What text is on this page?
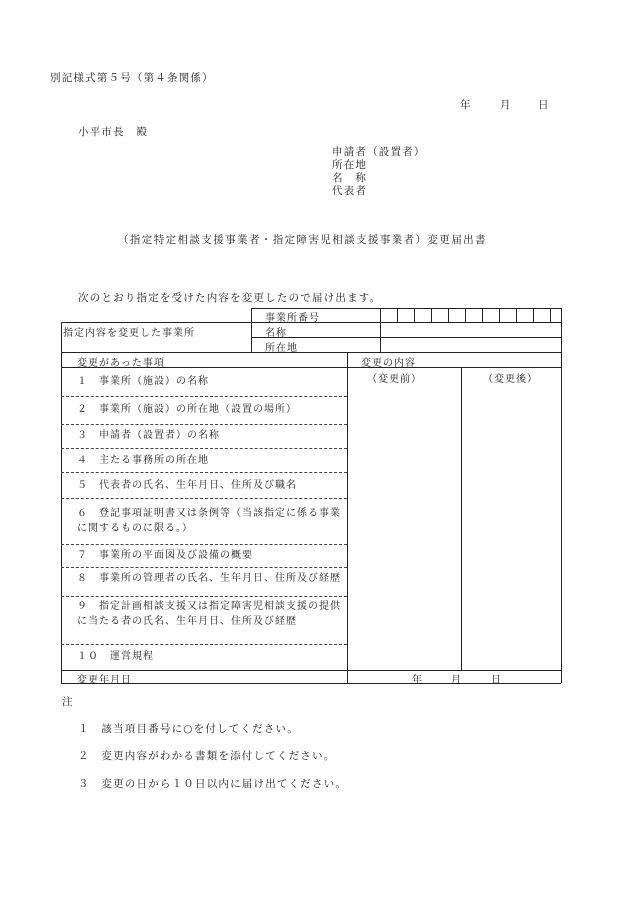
別記様式第５号（第４条関係）
年	月	日
小平市長　殿
申請者（設置者）
所在地
名　称
代表者
（指定特定相談支援事業者・指定障害児相談支援事業者）変更届出書
次のとおり指定を受けた内容を変更したので届け出ます。
事業所番号
指定内容を変更した事業所	名称
所在地
変更があった事項	変更の内容
（変更前）	（変更後）
１　事業所（施設）の名称
２　事業所（施設）の所在地（設置の場所）
３　申請者（設置者）の名称
４　主たる事務所の所在地
５　代表者の氏名、生年月日、住所及び職名
６　登記事項証明書又は条例等（当該指定に係る事業に関するものに限る。）
７　事業所の平面図及び設備の概要
８　事業所の管理者の氏名、生年月日、住所及び経歴
９　指定計画相談支援又は指定障害児相談支援の提供に当たる者の氏名、生年月日、住所及び経歴
１０　運営規程
変更年月日	年	月	日
注
１　該当項目番号に○を付してください。
２　変更内容がわかる書類を添付してください。
３　変更の日から１０日以内に届け出てください。
